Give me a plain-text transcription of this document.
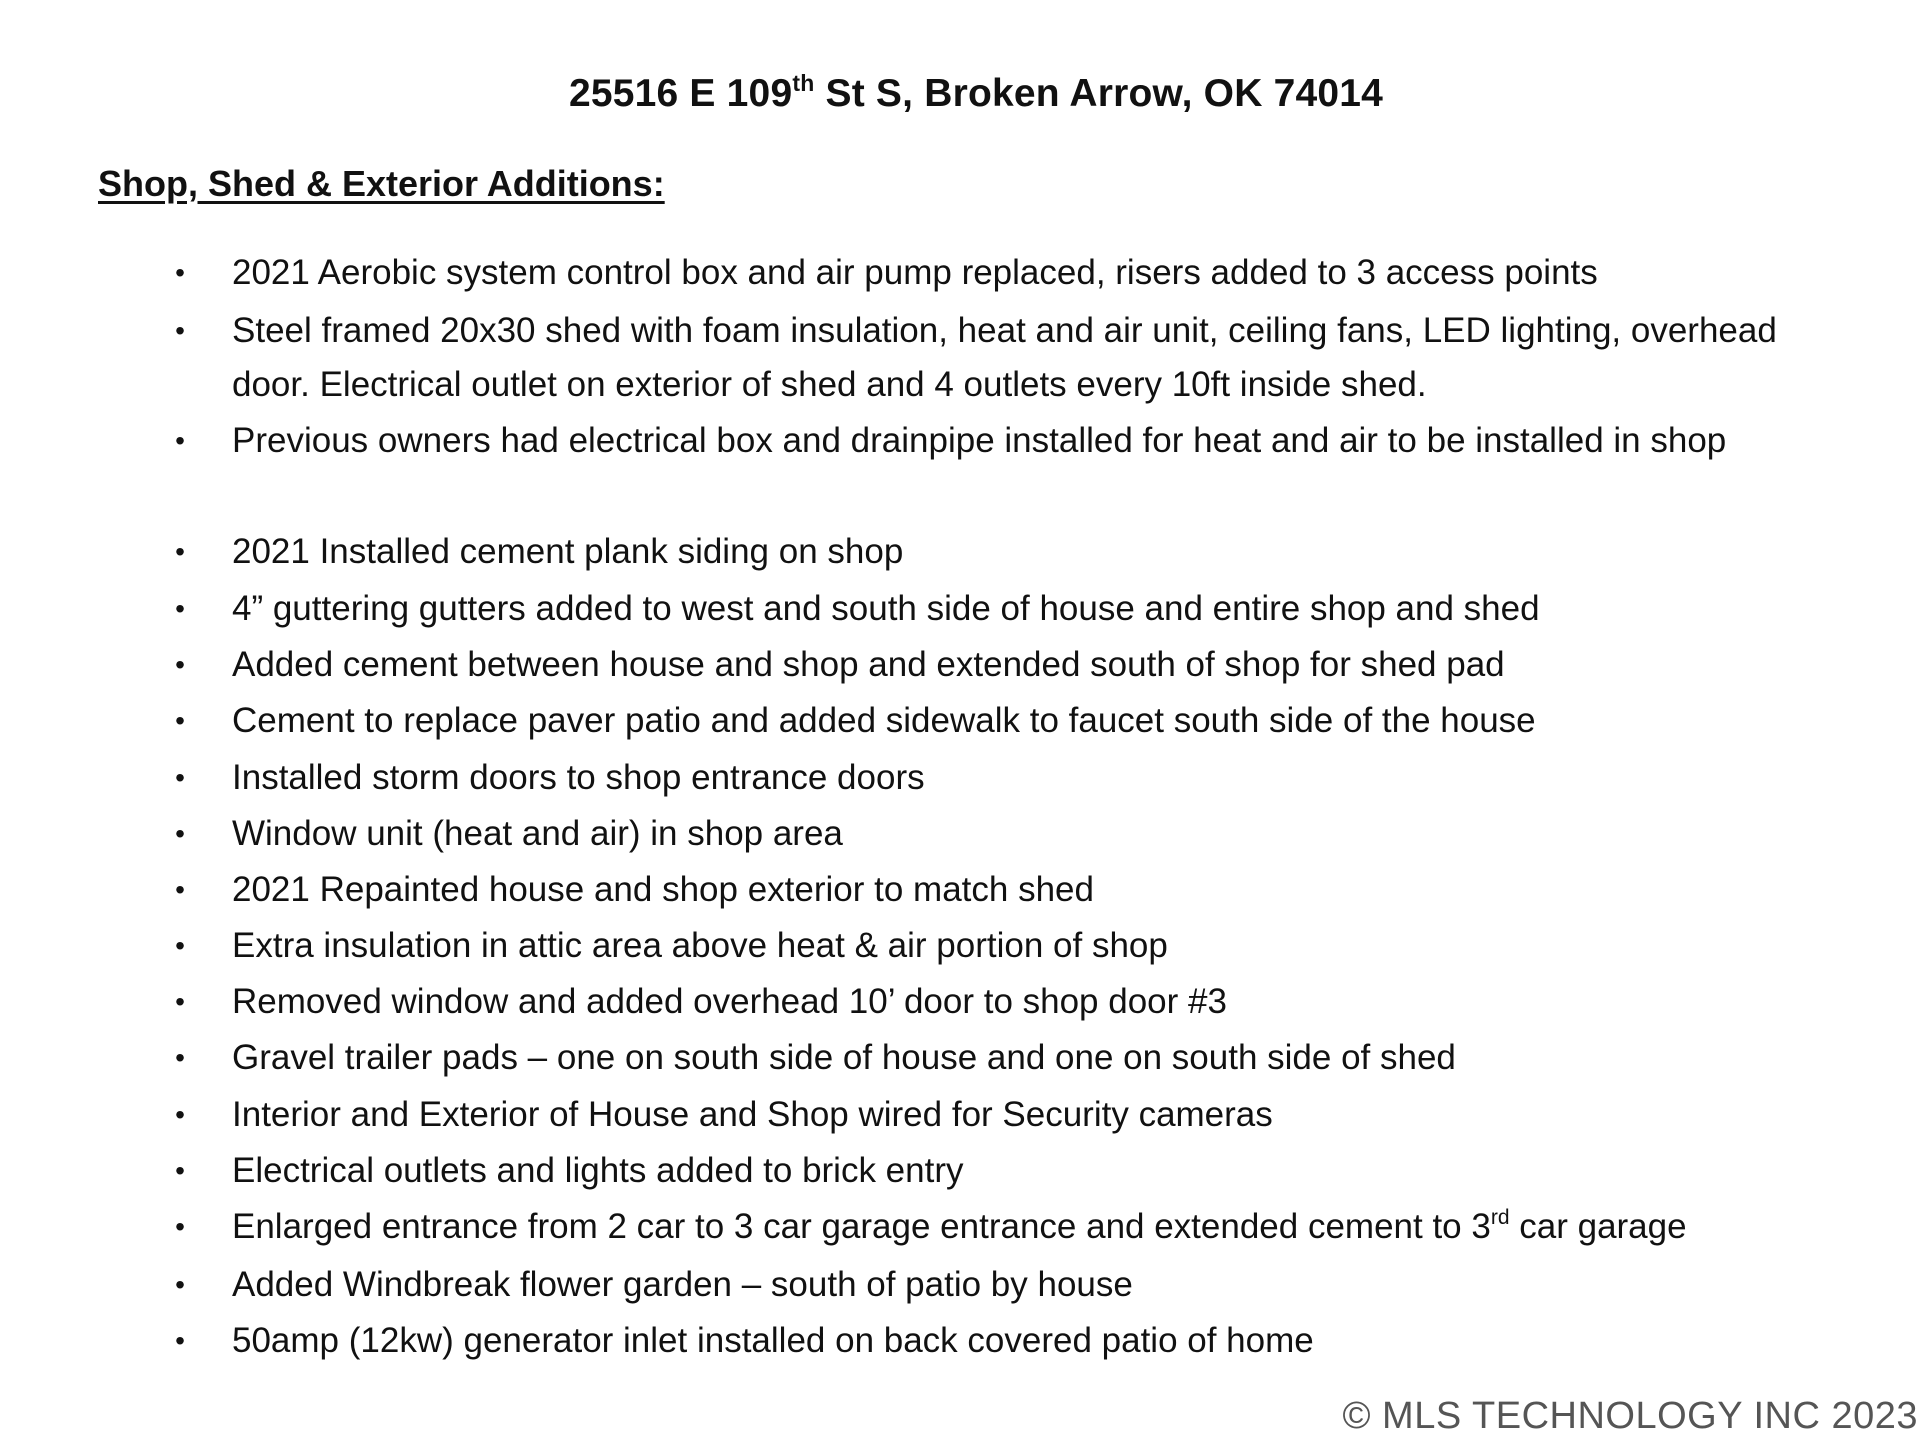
25516 E 109th St S, Broken Arrow, OK 74014
Shop, Shed & Exterior Additions:
• 2021 Aerobic system control box and air pump replaced, risers added to 3 access points
• Steel framed 20x30 shed with foam insulation, heat and air unit, ceiling fans, LED lighting, overhead door. Electrical outlet on exterior of shed and 4 outlets every 10ft inside shed.
• Previous owners had electrical box and drainpipe installed for heat and air to be installed in shop
• 2021 Installed cement plank siding on shop
• 4” guttering gutters added to west and south side of house and entire shop and shed
• Added cement between house and shop and extended south of shop for shed pad
• Cement to replace paver patio and added sidewalk to faucet south side of the house
• Installed storm doors to shop entrance doors
• Window unit (heat and air) in shop area
• 2021 Repainted house and shop exterior to match shed
• Extra insulation in attic area above heat & air portion of shop
• Removed window and added overhead 10’ door to shop door #3
• Gravel trailer pads – one on south side of house and one on south side of shed
• Interior and Exterior of House and Shop wired for Security cameras
• Electrical outlets and lights added to brick entry
• Enlarged entrance from 2 car to 3 car garage entrance and extended cement to 3rd car garage
• Added Windbreak flower garden – south of patio by house
• 50amp (12kw) generator inlet installed on back covered patio of home
© MLS TECHNOLOGY INC 2023
